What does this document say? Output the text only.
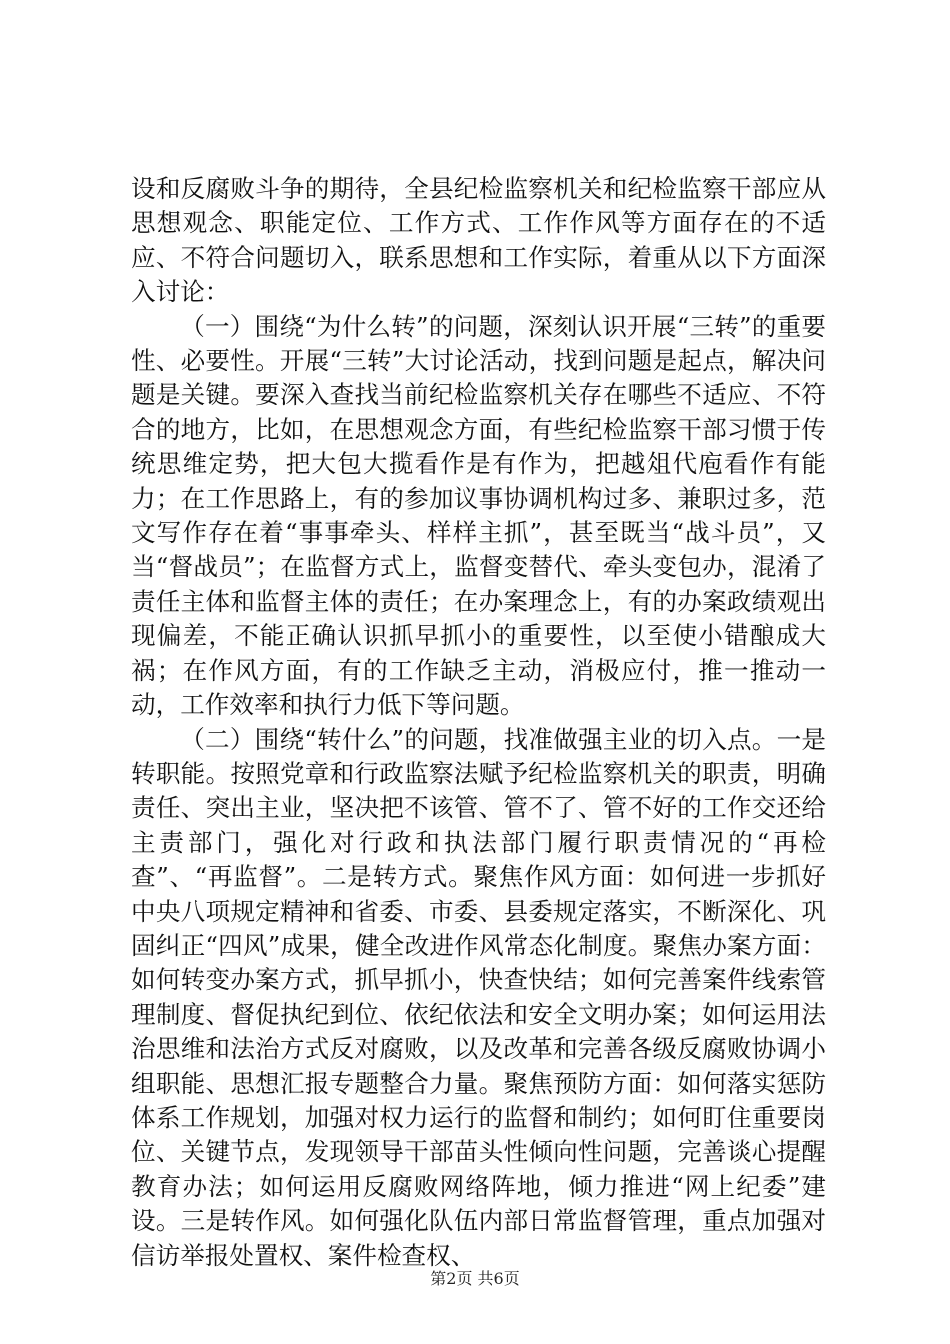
设和反腐败斗争的期待，全县纪检监察机关和纪检监察干部应从思想观念、职能定位、工作方式、工作作风等方面存在的不适应、不符合问题切入，联系思想和工作实际，着重从以下方面深入讨论：

（一）围绕“为什么转”的问题，深刻认识开展“三转”的重要性、必要性。开展“三转”大讨论活动，找到问题是起点，解决问题是关键。要深入查找当前纪检监察机关存在哪些不适应、不符合的地方，比如，在思想观念方面，有些纪检监察干部习惯于传统思维定势，把大包大揽看作是有作为，把越俎代庖看作有能力；在工作思路上，有的参加议事协调机构过多、兼职过多，范文写作存在着“事事牵头、样样主抓”，甚至既当“战斗员”，又当“督战员”；在监督方式上，监督变替代、牵头变包办，混淆了责任主体和监督主体的责任；在办案理念上，有的办案政绩观出现偏差，不能正确认识抓早抓小的重要性，以至使小错酿成大祸；在作风方面，有的工作缺乏主动，消极应付，推一推动一动，工作效率和执行力低下等问题。

（二）围绕“转什么”的问题，找准做强主业的切入点。一是转职能。按照党章和行政监察法赋予纪检监察机关的职责，明确责任、突出主业，坚决把不该管、管不了、管不好的工作交还给主责部门，强化对行政和执法部门履行职责情况的“再检查”、“再监督”。二是转方式。聚焦作风方面：如何进一步抓好中央八项规定精神和省委、市委、县委规定落实，不断深化、巩固纠正“四风”成果，健全改进作风常态化制度。聚焦办案方面：如何转变办案方式，抓早抓小，快查快结；如何完善案件线索管理制度、督促执纪到位、依纪依法和安全文明办案；如何运用法治思维和法治方式反对腐败，以及改革和完善各级反腐败协调小组职能、思想汇报专题整合力量。聚焦预防方面：如何落实惩防体系工作规划，加强对权力运行的监督和制约；如何盯住重要岗位、关键节点，发现领导干部苗头性倾向性问题，完善谈心提醒教育办法；如何运用反腐败网络阵地，倾力推进“网上纪委”建设。三是转作风。如何强化队伍内部日常监督管理，重点加强对信访举报处置权、案件检查权、

第2页 共6页
